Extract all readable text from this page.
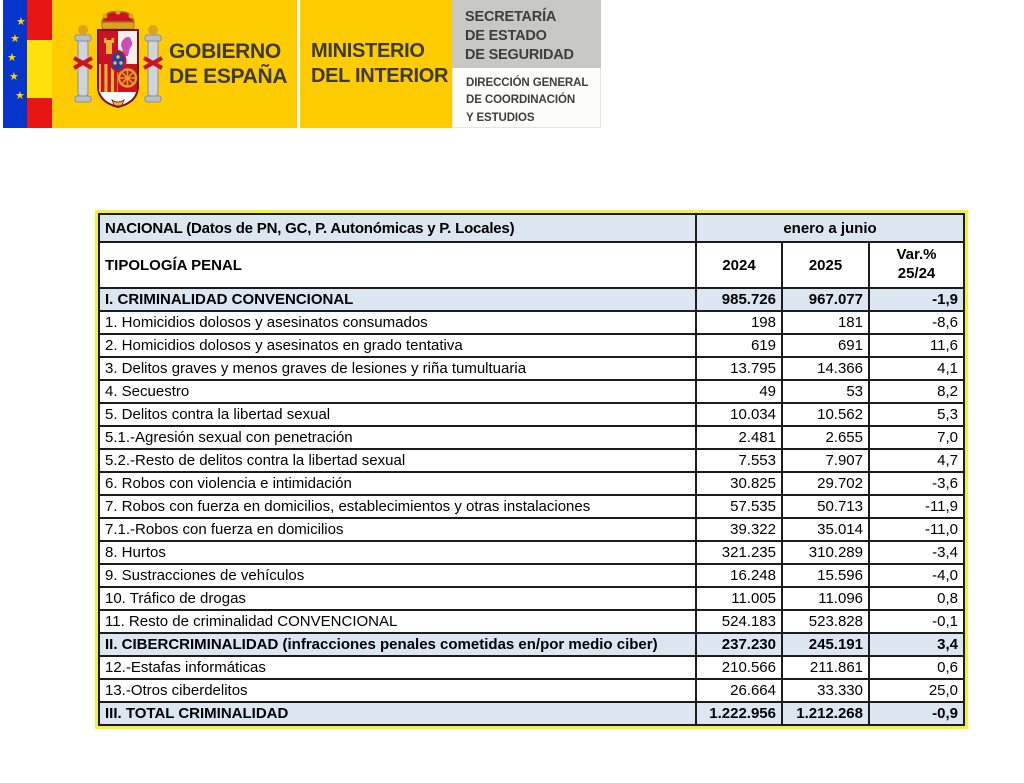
★
★
★
★
★
GOBIERNO
DE ESPAÑA
MINISTERIO
DEL INTERIOR
SECRETARÍA
DE ESTADO
DE SEGURIDAD
DIRECCIÓN GENERAL
DE COORDINACIÓN
Y ESTUDIOS
NACIONAL (Datos de PN, GC, P. Autonómicas y P. Locales)	enero a junio		
TIPOLOGÍA PENAL	2024	2025	Var.%
25/24

I. CRIMINALIDAD CONVENCIONAL	985.726	967.077	-1,9
1. Homicidios dolosos y asesinatos consumados	198	181	-8,6
2. Homicidios dolosos y asesinatos en grado tentativa	619	691	11,6
3. Delitos graves y menos graves de lesiones y riña tumultuaria	13.795	14.366	4,1
4. Secuestro	49	53	8,2
5. Delitos contra la libertad sexual	10.034	10.562	5,3
5.1.-Agresión sexual con penetración	2.481	2.655	7,0
5.2.-Resto de delitos contra la libertad sexual	7.553	7.907	4,7
6. Robos con violencia e intimidación	30.825	29.702	-3,6
7. Robos con fuerza en domicilios, establecimientos y otras instalaciones	57.535	50.713	-11,9
7.1.-Robos con fuerza en domicilios	39.322	35.014	-11,0
8. Hurtos	321.235	310.289	-3,4
9. Sustracciones de vehículos	16.248	15.596	-4,0
10. Tráfico de drogas	11.005	11.096	0,8
11. Resto de criminalidad CONVENCIONAL	524.183	523.828	-0,1
II. CIBERCRIMINALIDAD (infracciones penales cometidas en/por medio ciber)	237.230	245.191	3,4
12.-Estafas informáticas	210.566	211.861	0,6
13.-Otros ciberdelitos	26.664	33.330	25,0
III. TOTAL CRIMINALIDAD	1.222.956	1.212.268	-0,9
